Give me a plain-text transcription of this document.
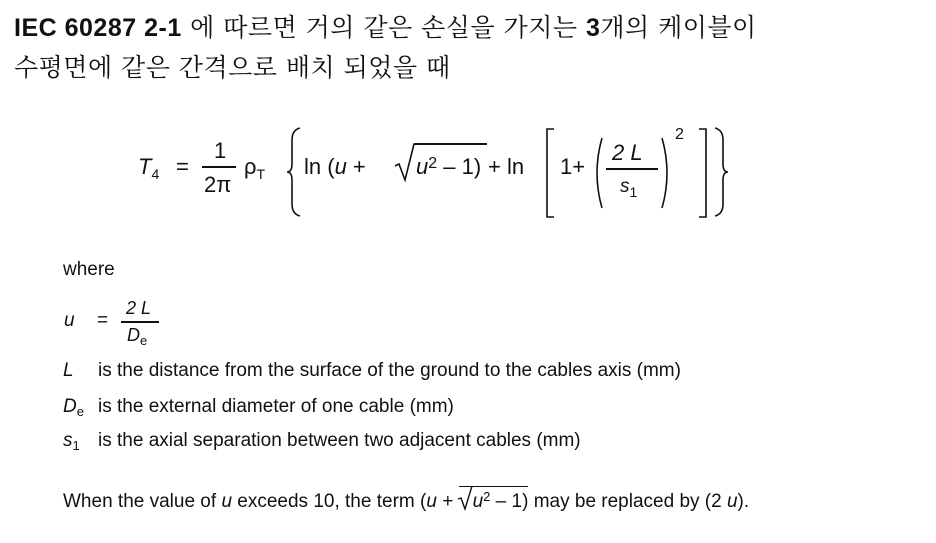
IEC 60287 2-1 에 따르면 거의 같은 손실을 가지는 3개의 케이블이
수평면에 같은 간격으로 배치 되었을 때
$T_4$ =
1
2π
$\rho_T$ $\ln (u + u^2 - 1) + \ln 1+$
2 L
$s_1$
2
where
u =
2 L
$D_e$
L is the distance from the surface of the ground to the cables axis (mm)
$D_e$ is the external diameter of one cable (mm)
$s_1$ is the axial separation between two adjacent cables (mm)
When the value of u exceeds 10, the term (u +
$u^2 - 1$) may be replaced by (2 u).
